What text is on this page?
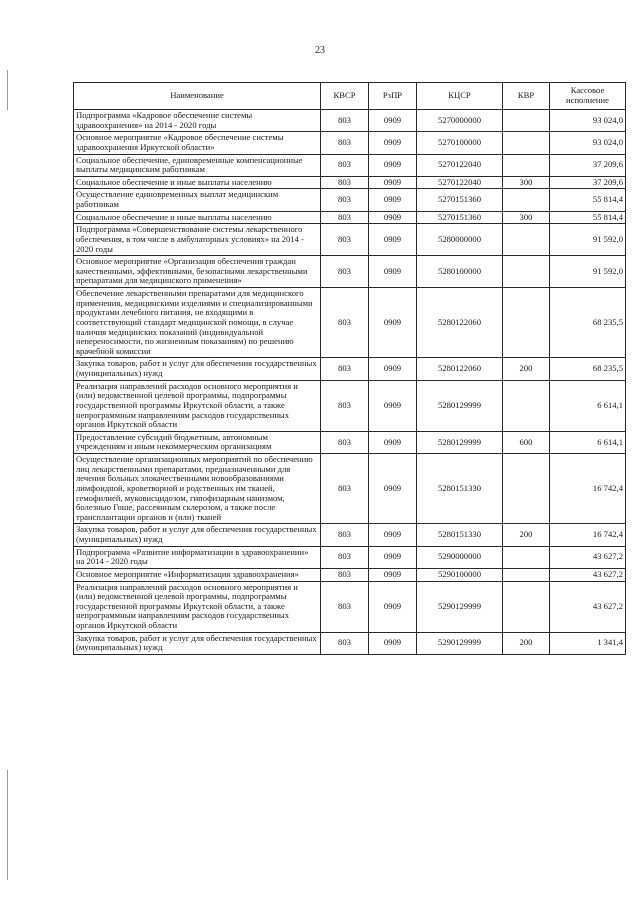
23
Наименование	КВСР	РзПР	КЦСР	КВР	Кассовое исполнение
Подпрограмма «Кадровое обеспечение системы здравоохранения» на 2014 - 2020 годы	803	0909	5270000000		93 024,0
Основное мероприятие «Кадровое обеспечение системы здравоохранения Иркутской области»	803	0909	5270100000		93 024,0
Социальное обеспечение, единовременные компенсационные выплаты медицинским работникам	803	0909	5270122040		37 209,6
Социальное обеспечение и иные выплаты населению	803	0909	5270122040	300	37 209,6
Осуществление единовременных выплат медицинским работникам	803	0909	5270151360		55 814,4
Социальное обеспечение и иные выплаты населению	803	0909	5270151360	300	55 814,4
Подпрограмма «Совершенствование системы лекарственного обеспечения, в том числе в амбулаторных условиях» на 2014 - 2020 годы	803	0909	5280000000		91 592,0
Основное мероприятие «Организация обеспечения граждан качественными, эффективными, безопасными лекарственными препаратами для медицинского применения»	803	0909	5280100000		91 592,0
Обеспечение лекарственными препаратами для медицинского применения, медицинскими изделиями и специализированными продуктами лечебного питания, не входящими в соответствующий стандарт медицинской помощи, в случае наличия медицинских показаний (индивидуальной непереносимости, по жизненным показаниям) по решению врачебной комиссии	803	0909	5280122060		68 235,5
Закупка товаров, работ и услуг для обеспечения государственных (муниципальных) нужд	803	0909	5280122060	200	68 235,5
Реализация направлений расходов основного мероприятия и (или) ведомственной целевой программы, подпрограммы государственной программы Иркутской области, а также непрограммным направлениям расходов государственных органов Иркутской области	803	0909	5280129999		6 614,1
Предоставление субсидий бюджетным, автономным учреждениям и иным некоммерческим организациям	803	0909	5280129999	600	6 614,1
Осуществление организационных мероприятий по обеспечению лиц лекарственными препаратами, предназначенными для лечения больных злокачественными новообразованиями лимфоидной, кроветворной и родственных им тканей, гемофилией, муковисцидозом, гипофизарным нанизмом, болезнью Гоше, рассеянным склерозом, а также после трансплантации органов и (или) тканей	803	0909	5280151330		16 742,4
Закупка товаров, работ и услуг для обеспечения государственных (муниципальных) нужд	803	0909	5280151330	200	16 742,4
Подпрограмма «Развитие информатизации в здравоохранении» на 2014 - 2020 годы	803	0909	5290000000		43 627,2
Основное мероприятие «Информатизация здравоохранения»	803	0909	5290100000		43 627,2
Реализация направлений расходов основного мероприятия и (или) ведомственной целевой программы, подпрограммы государственной программы Иркутской области, а также непрограммным направлениям расходов государственных органов Иркутской области	803	0909	5290129999		43 627,2
Закупка товаров, работ и услуг для обеспечения государственных (муниципальных) нужд	803	0909	5290129999	200	1 341,4
